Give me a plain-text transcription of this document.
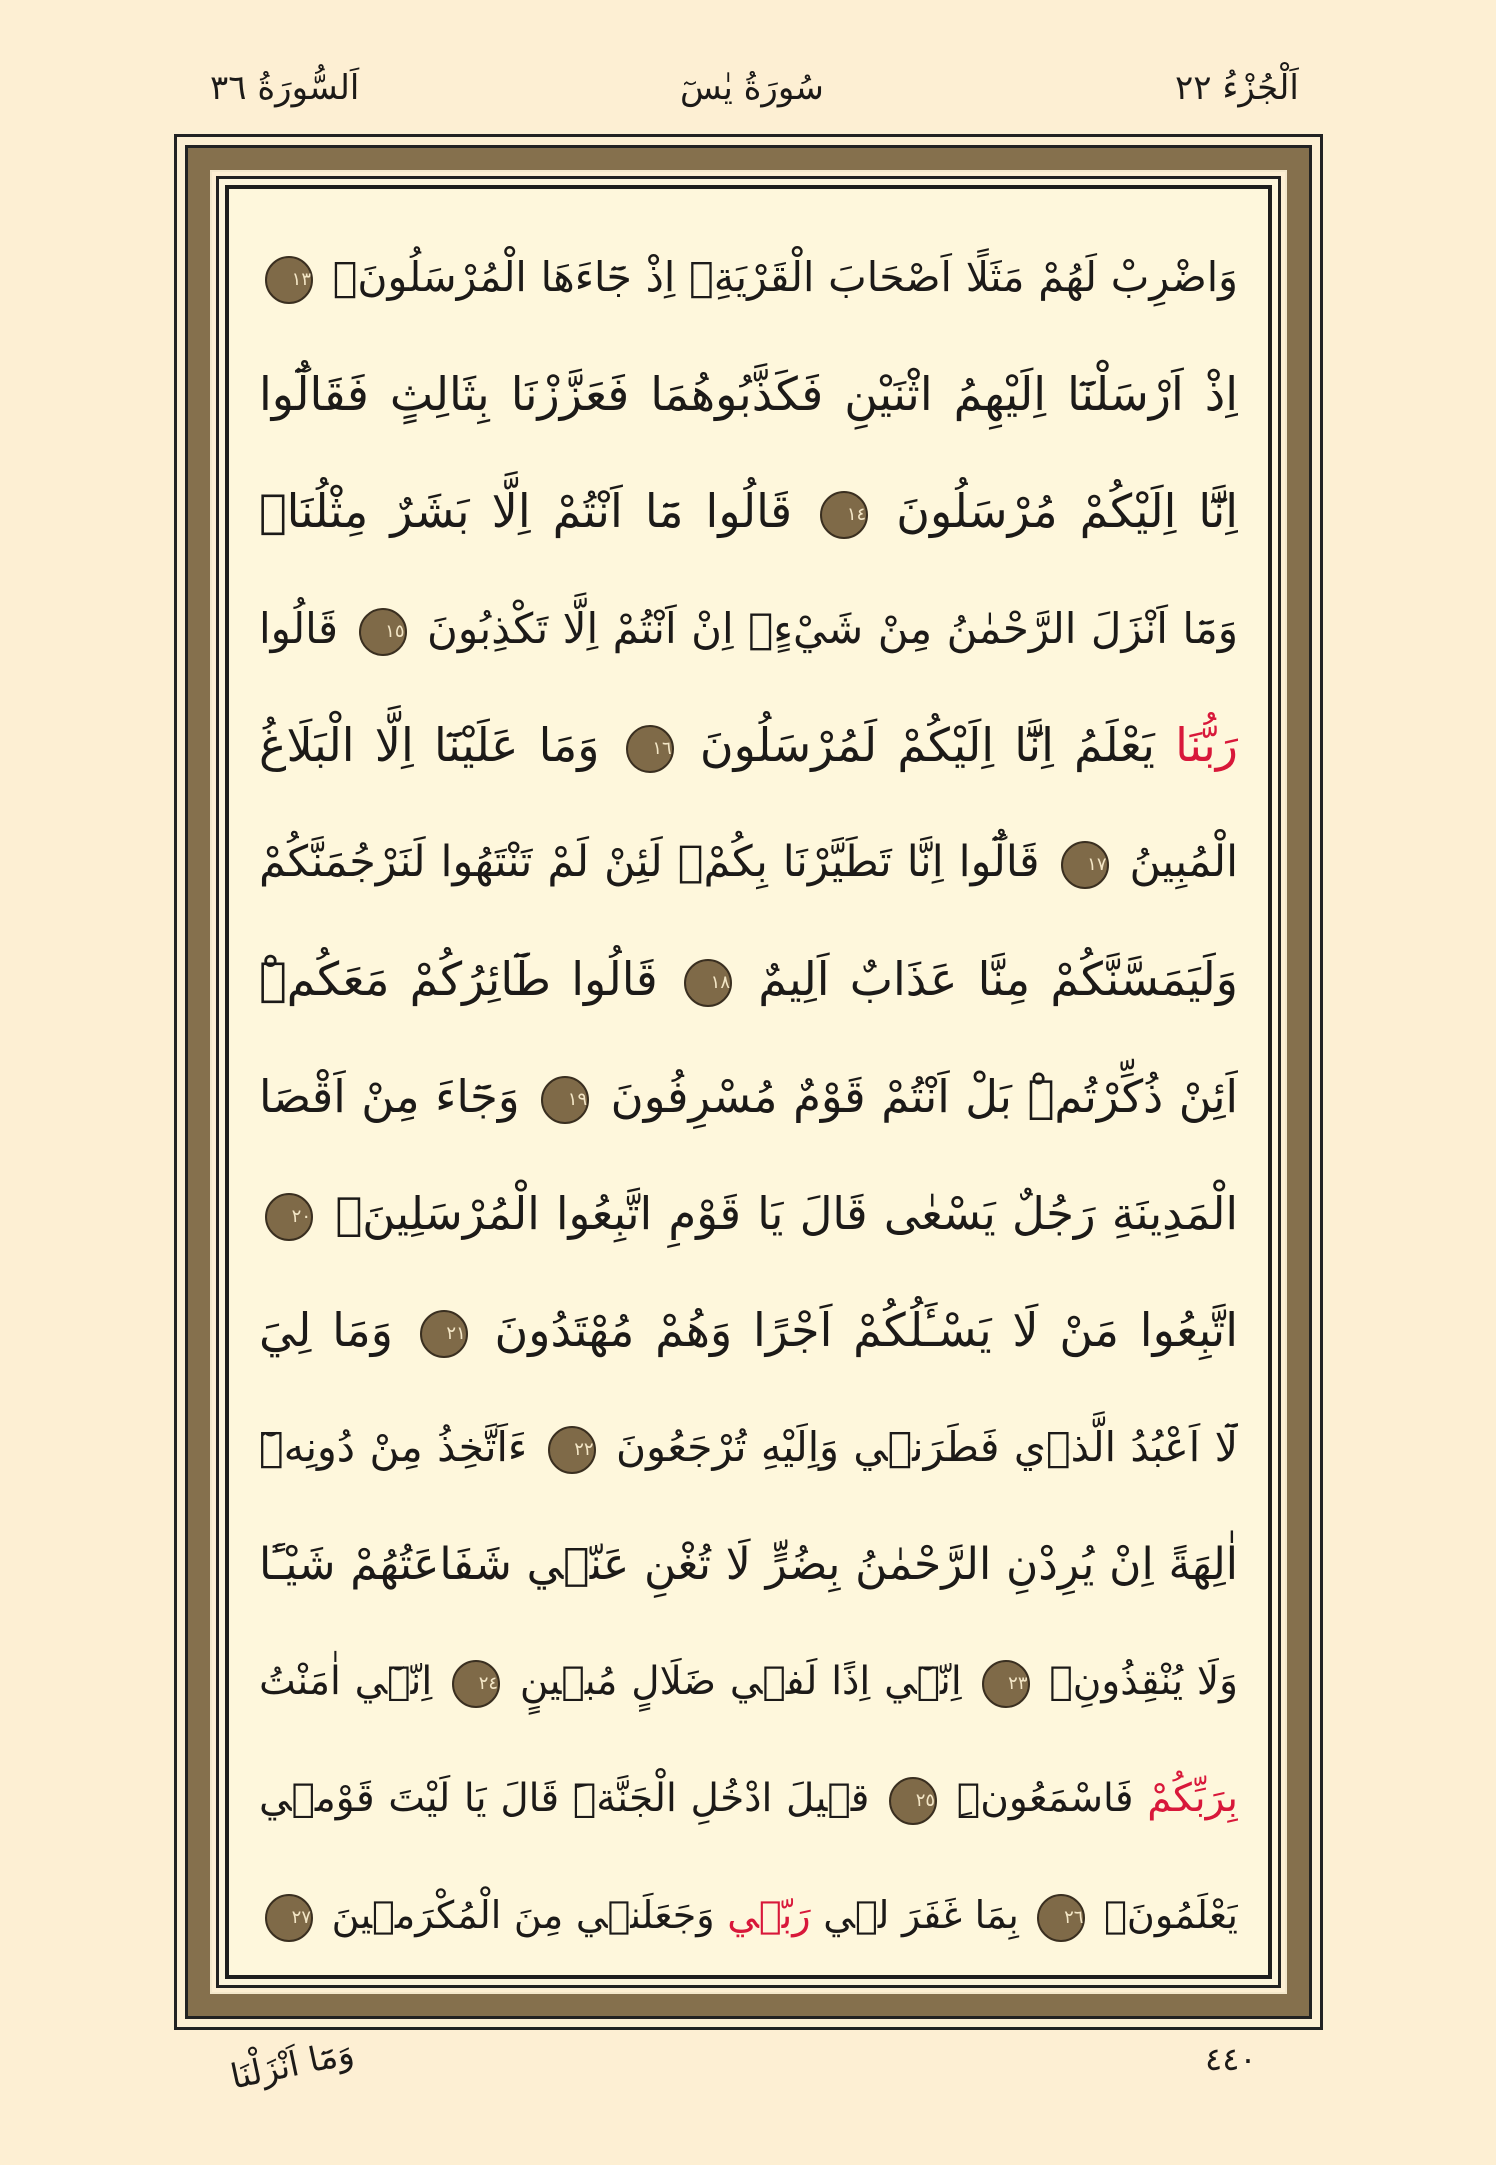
اَلْجُزْءُ ٢٢
سُورَةُ يٰسٓ
اَلسُّورَةُ ٣٦
وَاضْرِبْ لَهُمْ مَثَلًا اَصْحَابَ الْقَرْيَةِۢ اِذْ جَٓاءَهَا الْمُرْسَلُونَۚ ١٣
اِذْ اَرْسَلْنَٓا اِلَيْهِمُ اثْنَيْنِ فَكَذَّبُوهُمَا فَعَزَّزْنَا بِثَالِثٍ فَقَالُٓوا
اِنَّٓا اِلَيْكُمْ مُرْسَلُونَ ١٤ قَالُوا مَٓا اَنْتُمْ اِلَّا بَشَرٌ مِثْلُنَاۙ
وَمَٓا اَنْزَلَ الرَّحْمٰنُ مِنْ شَيْءٍۙ اِنْ اَنْتُمْ اِلَّا تَكْذِبُونَ ١٥ قَالُوا
رَبُّنَا يَعْلَمُ اِنَّٓا اِلَيْكُمْ لَمُرْسَلُونَ ١٦ وَمَا عَلَيْنَٓا اِلَّا الْبَلَاغُ
الْمُبِينُ ١٧ قَالُٓوا اِنَّا تَطَيَّرْنَا بِكُمْۚ لَئِنْ لَمْ تَنْتَهُوا لَنَرْجُمَنَّكُمْ
وَلَيَمَسَّنَّكُمْ مِنَّا عَذَابٌ اَلِيمٌ ١٨ قَالُوا طَٓائِرُكُمْ مَعَكُمْۜ
اَئِنْ ذُكِّرْتُمْۜ بَلْ اَنْتُمْ قَوْمٌ مُسْرِفُونَ ١٩ وَجَٓاءَ مِنْ اَقْصَا
الْمَدِينَةِ رَجُلٌ يَسْعٰى قَالَ يَا قَوْمِ اتَّبِعُوا الْمُرْسَلِينَۙ ٢٠
اتَّبِعُوا مَنْ لَا يَسْـَٔلُكُمْ اَجْرًا وَهُمْ مُهْتَدُونَ ٢١ وَمَا لِيَ
لَٓا اَعْبُدُ الَّذ۪ي فَطَرَن۪ي وَاِلَيْهِ تُرْجَعُونَ ٢٢ ءَاَتَّخِذُ مِنْ دُونِه۪ٓ
اٰلِهَةً اِنْ يُرِدْنِ الرَّحْمٰنُ بِضُرٍّ لَا تُغْنِ عَنّ۪ي شَفَاعَتُهُمْ شَيْـًٔا
وَلَا يُنْقِذُونِۚ ٢٣ اِنّ۪ٓي اِذًا لَف۪ي ضَلَالٍ مُب۪ينٍ ٢٤ اِنّ۪ٓي اٰمَنْتُ
بِرَبِّكُمْ فَاسْمَعُونِۜ ٢٥ ق۪يلَ ادْخُلِ الْجَنَّةَۜ قَالَ يَا لَيْتَ قَوْم۪ي
يَعْلَمُونَۙ ٢٦ بِمَا غَفَرَ ل۪ي رَبّ۪ي وَجَعَلَن۪ي مِنَ الْمُكْرَم۪ينَ ٢٧
٤٤٠
وَمَٓا اَنْزَلْنَا
